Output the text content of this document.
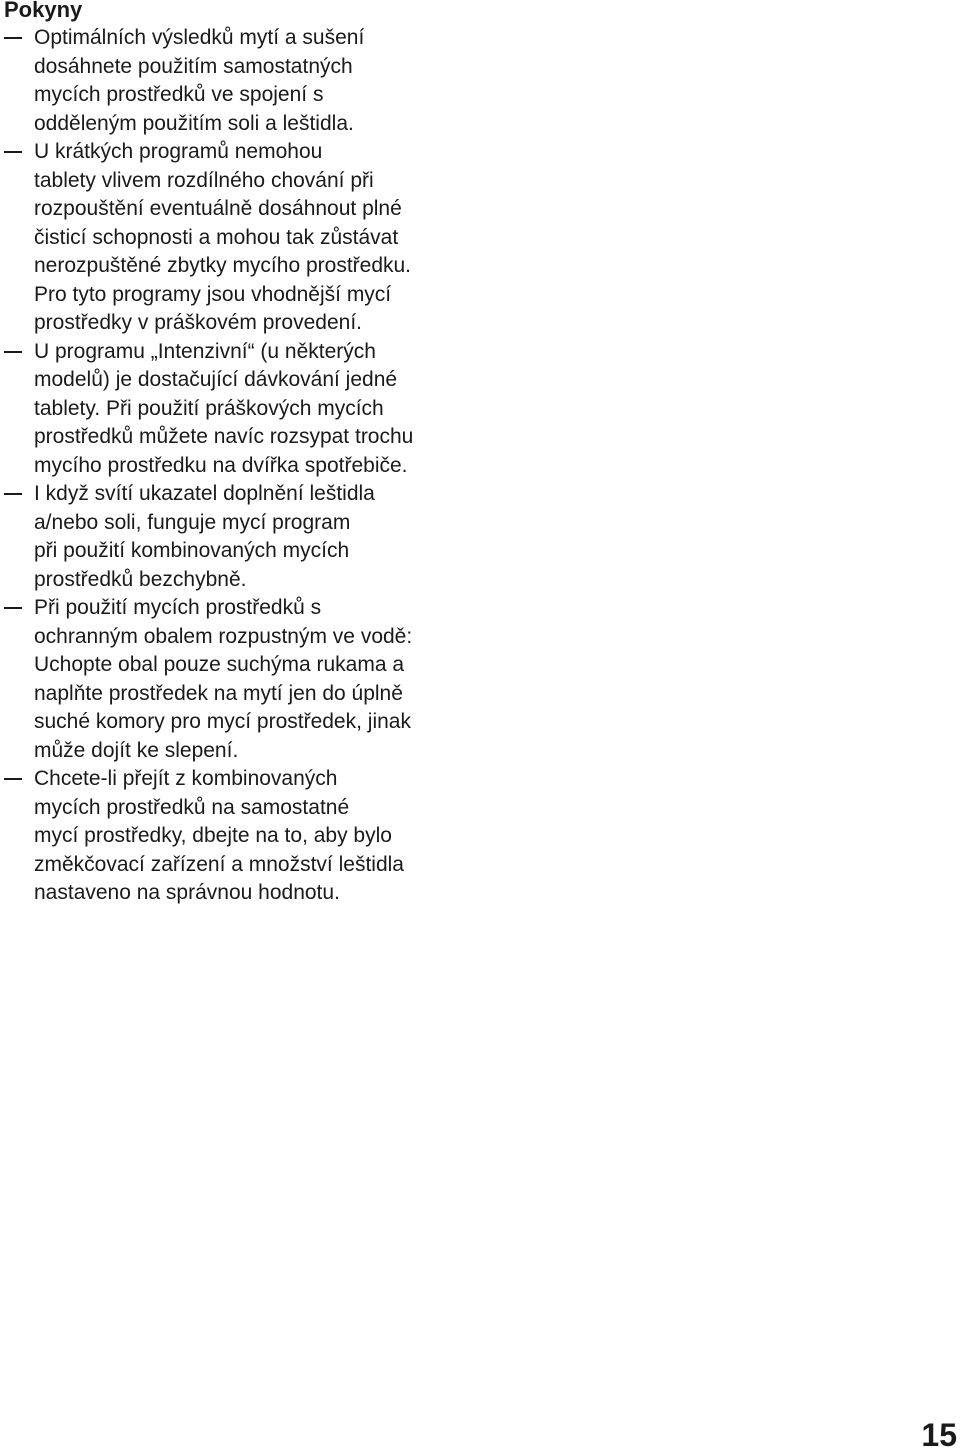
Pokyny
Optimálních výsledků mytí a sušení
dosáhnete použitím samostatných
mycích prostředků ve spojení s
odděleným použitím soli a leštidla.
U krátkých programů nemohou
tablety vlivem rozdílného chování při
rozpouštění eventuálně dosáhnout plné
čisticí schopnosti a mohou tak zůstávat
nerozpuštěné zbytky mycího prostředku.
Pro tyto programy jsou vhodnější mycí
prostředky v práškovém provedení.
U programu „Intenzivní“ (u některých
modelů) je dostačující dávkování jedné
tablety. Při použití práškových mycích
prostředků můžete navíc rozsypat trochu
mycího prostředku na dvířka spotřebiče.
I když svítí ukazatel doplnění leštidla
a/nebo soli, funguje mycí program
při použití kombinovaných mycích
prostředků bezchybně.
Při použití mycích prostředků s
ochranným obalem rozpustným ve vodě:
Uchopte obal pouze suchýma rukama a
naplňte prostředek na mytí jen do úplně
suché komory pro mycí prostředek, jinak
může dojít ke slepení.
Chcete-li přejít z kombinovaných
mycích prostředků na samostatné
mycí prostředky, dbejte na to, aby bylo
změkčovací zařízení a množství leštidla
nastaveno na správnou hodnotu.
15
